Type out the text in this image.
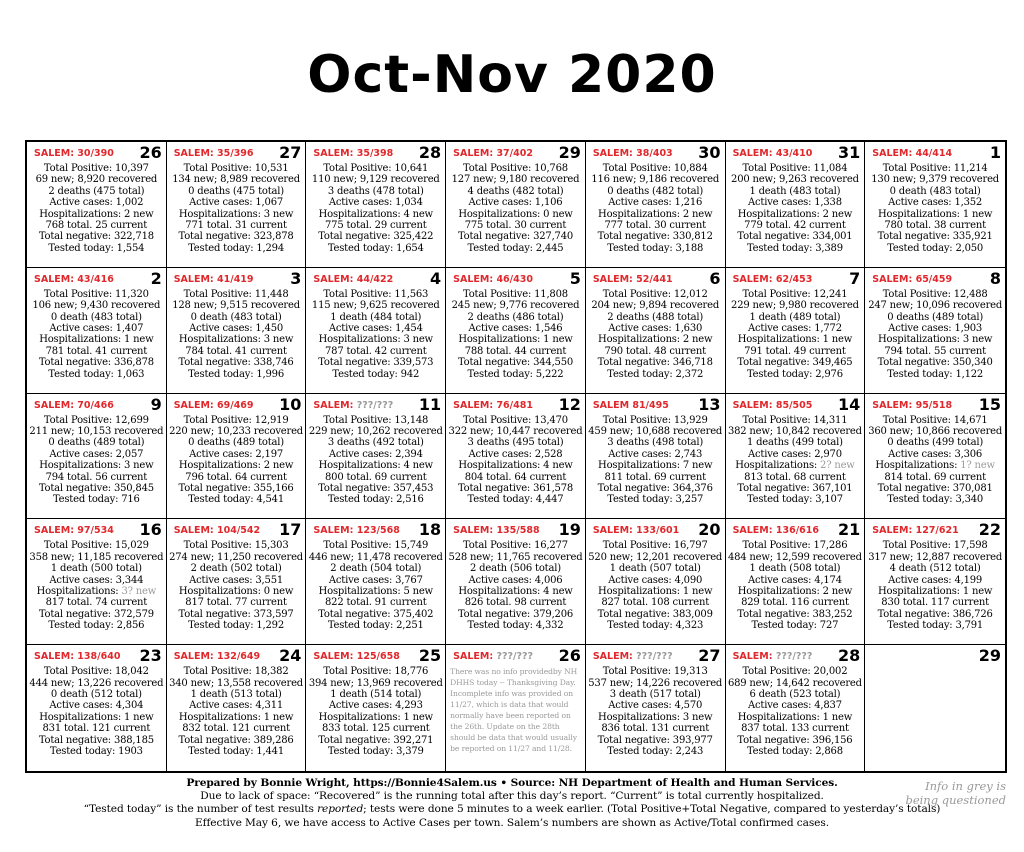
Oct-Nov 2020
SALEM: 30/390 26
Total Positive: 10,397
69 new; 8,920 recovered
2 deaths (475 total)
Active cases: 1,002
Hospitalizations: 2 new
768 total. 25 current
Total negative: 322,718
Tested today: 1,554
SALEM: 35/396 27
Total Positive: 10,531
134 new; 8,989 recovered
0 deaths (475 total)
Active cases: 1,067
Hospitalizations: 3 new
771 total. 31 current
Total negative: 323,878
Tested today: 1,294
SALEM: 35/398 28
Total Positive: 10,641
110 new; 9,129 recovered
3 deaths (478 total)
Active cases: 1,034
Hospitalizations: 4 new
775 total. 29 current
Total negative: 325,422
Tested today: 1,654
SALEM: 37/402 29
Total Positive: 10,768
127 new; 9,180 recovered
4 deaths (482 total)
Active cases: 1,106
Hospitalizations: 0 new
775 total. 30 current
Total negative: 327,740
Tested today: 2,445
SALEM: 38/403 30
Total Positive: 10,884
116 new; 9,186 recovered
0 deaths (482 total)
Active cases: 1,216
Hospitalizations: 2 new
777 total. 30 current
Total negative: 330,812
Tested today: 3,188
SALEM: 43/410 31
Total Positive: 11,084
200 new; 9,263 recovered
1 death (483 total)
Active cases: 1,338
Hospitalizations: 2 new
779 total. 42 current
Total negative: 334,001
Tested today: 3,389
SALEM: 44/414 1
Total Positive: 11,214
130 new; 9,379 recovered
0 death (483 total)
Active cases: 1,352
Hospitalizations: 1 new
780 total. 38 current
Total negative: 335,921
Tested today: 2,050
SALEM: 43/416 2
Total Positive: 11,320
106 new; 9,430 recovered
0 death (483 total)
Active cases: 1,407
Hospitalizations: 1 new
781 total. 41 current
Total negative: 336,878
Tested today: 1,063
SALEM: 41/419 3
Total Positive: 11,448
128 new; 9,515 recovered
0 death (483 total)
Active cases: 1,450
Hospitalizations: 3 new
784 total. 41 current
Total negative: 338,746
Tested today: 1,996
SALEM: 44/422 4
Total Positive: 11,563
115 new; 9,625 recovered
1 death (484 total)
Active cases: 1,454
Hospitalizations: 3 new
787 total. 42 current
Total negative: 339,573
Tested today: 942
SALEM: 46/430 5
Total Positive: 11,808
245 new; 9,776 recovered
2 deaths (486 total)
Active cases: 1,546
Hospitalizations: 1 new
788 total. 44 current
Total negative: 344,550
Tested today: 5,222
SALEM: 52/441 6
Total Positive: 12,012
204 new; 9,894 recovered
2 deaths (488 total)
Active cases: 1,630
Hospitalizations: 2 new
790 total. 48 current
Total negative: 346,718
Tested today: 2,372
SALEM: 62/453 7
Total Positive: 12,241
229 new; 9,980 recovered
1 death (489 total)
Active cases: 1,772
Hospitalizations: 1 new
791 total. 49 current
Total negative: 349,465
Tested today: 2,976
SALEM: 65/459 8
Total Positive: 12,488
247 new; 10,096 recovered
0 deaths (489 total)
Active cases: 1,903
Hospitalizations: 3 new
794 total. 55 current
Total negative: 350,340
Tested today: 1,122
SALEM: 70/466 9
Total Positive: 12,699
211 new; 10,153 recovered
0 deaths (489 total)
Active cases: 2,057
Hospitalizations: 3 new
794 total. 56 current
Total negative: 350,845
Tested today: 716
SALEM: 69/469 10
Total Positive: 12,919
220 new; 10,233 recovered
0 deaths (489 total)
Active cases: 2,197
Hospitalizations: 2 new
796 total. 64 current
Total negative: 355,166
Tested today: 4,541
SALEM: ???/??? 11
Total Positive: 13,148
229 new; 10,262 recovered
3 deaths (492 total)
Active cases: 2,394
Hospitalizations: 4 new
800 total. 69 current
Total negative: 357,453
Tested today: 2,516
SALEM: 76/481 12
Total Positive: 13,470
322 new; 10,447 recovered
3 deaths (495 total)
Active cases: 2,528
Hospitalizations: 4 new
804 total. 64 current
Total negative: 361,578
Tested today: 4,447
SALEM 81/495 13
Total Positive: 13,929
459 new; 10,688 recovered
3 deaths (498 total)
Active cases: 2,743
Hospitalizations: 7 new
811 total. 69 current
Total negative: 364,376
Tested today: 3,257
SALEM: 85/505 14
Total Positive: 14,311
382 new; 10,842 recovered
1 deaths (499 total)
Active cases: 2,970
Hospitalizations: 2? new
813 total. 68 current
Total negative: 367,101
Tested today: 3,107
SALEM: 95/518 15
Total Positive: 14,671
360 new; 10,866 recovered
0 deaths (499 total)
Active cases: 3,306
Hospitalizations: 1? new
814 total. 69 current
Total negative: 370,081
Tested today: 3,340
SALEM: 97/534 16
Total Positive: 15,029
358 new; 11,185 recovered
1 death (500 total)
Active cases: 3,344
Hospitalizations: 3? new
817 total. 74 current
Total negative: 372,579
Tested today: 2,856
SALEM: 104/542 17
Total Positive: 15,303
274 new; 11,250 recovered
2 death (502 total)
Active cases: 3,551
Hospitalizations: 0 new
817 total. 77 current
Total negative: 373,597
Tested today: 1,292
SALEM: 123/568 18
Total Positive: 15,749
446 new; 11,478 recovered
2 death (504 total)
Active cases: 3,767
Hospitalizations: 5 new
822 total. 91 current
Total negative: 375,402
Tested today: 2,251
SALEM: 135/588 19
Total Positive: 16,277
528 new; 11,765 recovered
2 death (506 total)
Active cases: 4,006
Hospitalizations: 4 new
826 total. 98 current
Total negative: 379,206
Tested today: 4,332
SALEM: 133/601 20
Total Positive: 16,797
520 new; 12,201 recovered
1 death (507 total)
Active cases: 4,090
Hospitalizations: 1 new
827 total. 108 current
Total negative: 383,009
Tested today: 4,323
SALEM: 136/616 21
Total Positive: 17,286
484 new; 12,599 recovered
1 death (508 total)
Active cases: 4,174
Hospitalizations: 2 new
829 total. 116 current
Total negative: 383,252
Tested today: 727
SALEM: 127/621 22
Total Positive: 17,598
317 new; 12,887 recovered
4 death (512 total)
Active cases: 4,199
Hospitalizations: 1 new
830 total. 117 current
Total negative: 386,726
Tested today: 3,791
SALEM: 138/640 23
Total Positive: 18,042
444 new; 13,226 recovered
0 death (512 total)
Active cases: 4,304
Hospitalizations: 1 new
831 total. 121 current
Total negative: 388,185
Tested today: 1903
SALEM: 132/649 24
Total Positive: 18,382
340 new; 13,558 recovered
1 death (513 total)
Active cases: 4,311
Hospitalizations: 1 new
832 total. 121 current
Total negative: 389,286
Tested today: 1,441
SALEM: 125/658 25
Total Positive: 18,776
394 new; 13,969 recovered
1 death (514 total)
Active cases: 4,293
Hospitalizations: 1 new
833 total. 125 current
Total negative: 392,271
Tested today: 3,379
SALEM: ???/??? 26
There was no info providedby NH DHHS today -- Thanksgiving Day. Incomplete info was provided on 11/27, which is data that would normally have been reported on the 26th. Update on the 28th should be data that would usually be reported on 11/27 and 11/28.
SALEM: ???/??? 27
Total Positive: 19,313
537 new; 14,226 recovered
3 death (517 total)
Active cases: 4,570
Hospitalizations: 3 new
836 total. 131 current
Total negative: 393,977
Tested today: 2,243
SALEM: ???/??? 28
Total Positive: 20,002
689 new; 14,642 recovered
6 death (523 total)
Active cases: 4,837
Hospitalizations: 1 new
837 total. 133 current
Total negative: 396,156
Tested today: 2,868
29
Prepared by Bonnie Wright, https://Bonnie4Salem.us • Source: NH Department of Health and Human Services.
Due to lack of space: “Recovered” is the running total after this day’s report. “Current” is total currently hospitalized.
“Tested today” is the number of test results reported; tests were done 5 minutes to a week earlier. (Total Positive+Total Negative, compared to yesterday’s totals)
Effective May 6, we have access to Active Cases per town. Salem’s numbers are shown as Active/Total confirmed cases.
Info in grey is
being questioned
